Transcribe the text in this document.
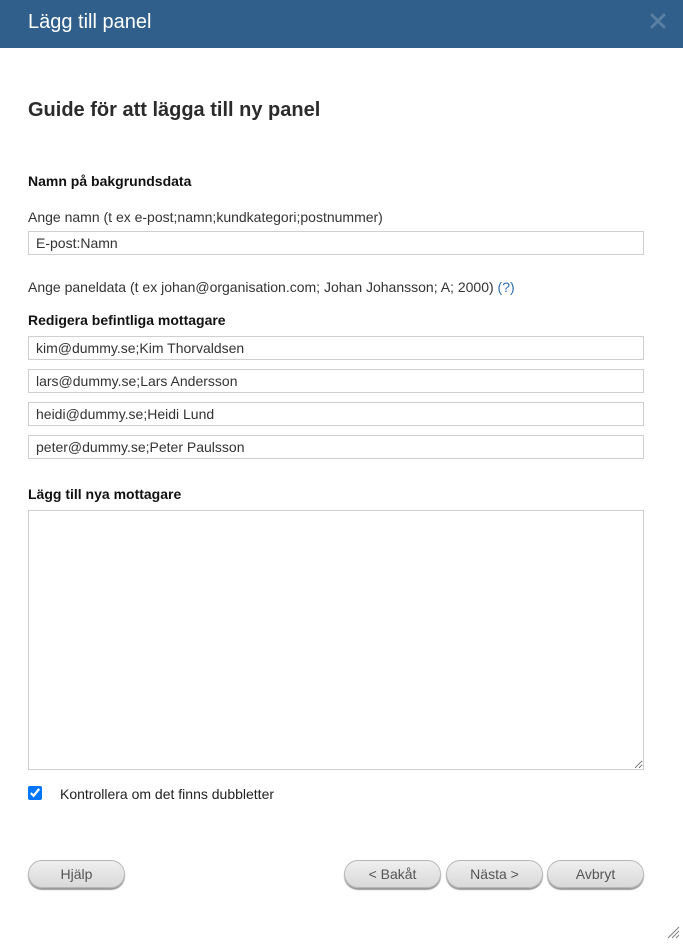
Lägg till panel
Guide för att lägga till ny panel
Namn på bakgrundsdata
Ange namn (t ex e-post;namn;kundkategori;postnummer)
E-post:Namn
Ange paneldata (t ex johan@organisation.com; Johan Johansson; A; 2000) (?)
Redigera befintliga mottagare
kim@dummy.se;Kim Thorvaldsen
lars@dummy.se;Lars Andersson
heidi@dummy.se;Heidi Lund
peter@dummy.se;Peter Paulsson
Lägg till nya mottagare
Kontrollera om det finns dubbletter
Hjälp	< Bakåt	Nästa >	Avbryt
